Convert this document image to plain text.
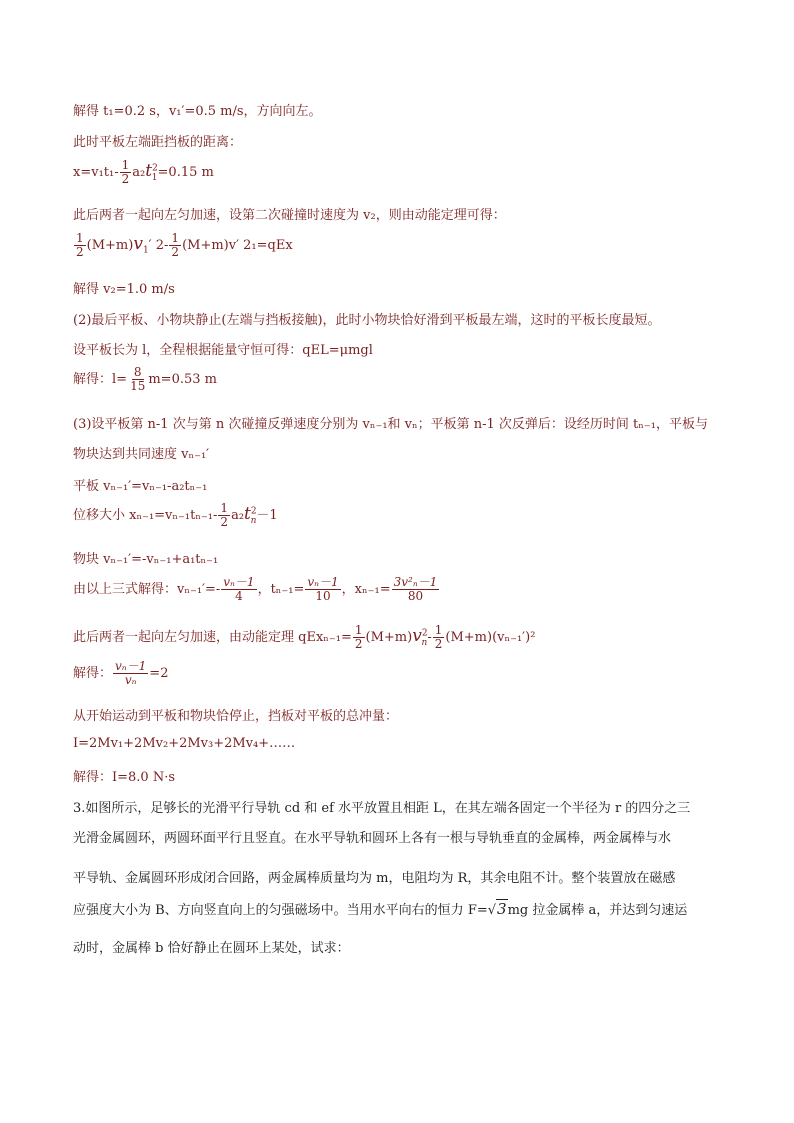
解得 t₁=0.2 s，v₁′=0.5 m/s，方向向左。
此时平板左端距挡板的距离：
$x=v_1t_1- \frac{1}{2} a_2t^2_1=0.15$ m
此后两者一起向左匀加速，设第二次碰撞时速度为 v₂，则由动能定理可得：
$\frac{1}{2} (M+m)v_1'$ $2- \frac{1}{2} (M+m)v'$ 2₁=qEx
解得 v₂=1.0 m/s
(2)最后平板、小物块静止(左端与挡板接触)，此时小物块恰好滑到平板最左端，这时的平板长度最短。
设平板长为 l，全程根据能量守恒可得：qEL=μmgl
解得：$l= \frac{8}{15} m=0.53$ m
(3)设平板第 n-1 次与第 n 次碰撞反弹速度分别为 vₙ₋₁和 vₙ；平板第 n-1 次反弹后：设经历时间 tₙ₋₁，平板与
物块达到共同速度 vₙ₋₁′
平板 vₙ₋₁′=vₙ₋₁-a₂tₙ₋₁
位移大小 $x_{n-1}=v_{n-1}t_{n-1}- \frac{1}{2} a_2t^2_n-1$
物块 vₙ₋₁′=-vₙ₋₁+a₁tₙ₋₁
由以上三式解得：$v_{n-1}'=- \frac{\text{vₙ－1}}{4}$ ，$t_{n-1}= \frac{\text{vₙ－1}}{10}$ ，$x_{n-1}= \frac{\text{3v²ₙ－1}}{80}$
此后两者一起向左匀加速，由动能定理 $qEx_{n-1}= \frac{1}{2} (M+m)v^2_n- \frac{1}{2} (M+m)(v_{n-1}')^2$
解得： $\frac{\text{vₙ－1}}{\text{vₙ}} =2$
从开始运动到平板和物块恰停止，挡板对平板的总冲量：
I=2Mv₁+2Mv₂+2Mv₃+2Mv₄+……
解得：I=8.0 N·s
3.如图所示，足够长的光滑平行导轨 cd 和 ef 水平放置且相距 L，在其左端各固定一个半径为 r 的四分之三
光滑金属圆环，两圆环面平行且竖直。在水平导轨和圆环上各有一根与导轨垂直的金属棒，两金属棒与水
平导轨、金属圆环形成闭合回路，两金属棒质量均为 m，电阻均为 R，其余电阻不计。整个装置放在磁感
应强度大小为 B、方向竖直向上的匀强磁场中。当用水平向右的恒力 F=√3mg 拉金属棒 a，并达到匀速运
动时，金属棒 b 恰好静止在圆环上某处，试求：
